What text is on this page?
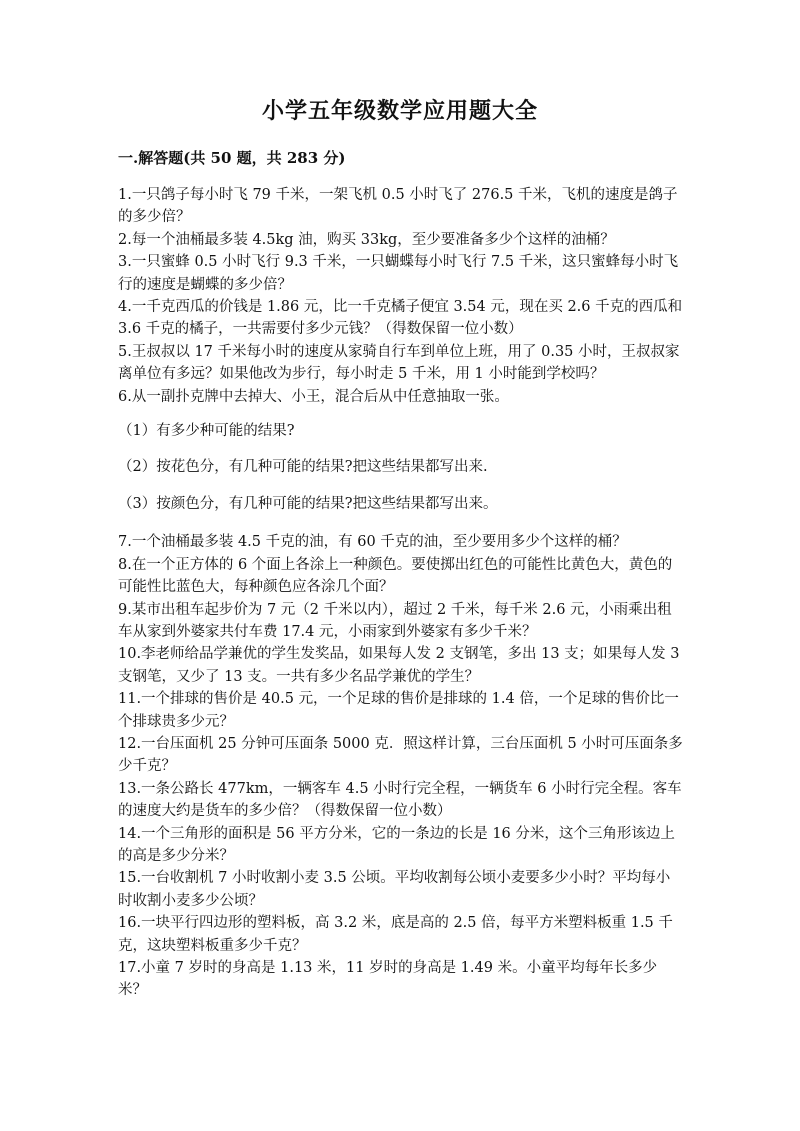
小学五年级数学应用题大全
一.解答题(共 50 题，共 283 分)

1.一只鸽子每小时飞 79 千米，一架飞机 0.5 小时飞了 276.5 千米，飞机的速度是鸽子的多少倍？

2.每一个油桶最多装 4.5kg 油，购买 33kg，至少要准备多少个这样的油桶？

3.一只蜜蜂 0.5 小时飞行 9.3 千米，一只蝴蝶每小时飞行 7.5 千米，这只蜜蜂每小时飞行的速度是蝴蝶的多少倍？

4.一千克西瓜的价钱是 1.86 元，比一千克橘子便宜 3.54 元，现在买 2.6 千克的西瓜和 3.6 千克的橘子，一共需要付多少元钱？（得数保留一位小数）

5.王叔叔以 17 千米每小时的速度从家骑自行车到单位上班，用了 0.35 小时，王叔叔家离单位有多远？如果他改为步行，每小时走 5 千米，用 1 小时能到学校吗？

6.从一副扑克牌中去掉大、小王，混合后从中任意抽取一张。

（1）有多少种可能的结果?

（2）按花色分，有几种可能的结果?把这些结果都写出来.

（3）按颜色分，有几种可能的结果?把这些结果都写出来。

7.一个油桶最多装 4.5 千克的油，有 60 千克的油，至少要用多少个这样的桶？

8.在一个正方体的 6 个面上各涂上一种颜色。要使掷出红色的可能性比黄色大，黄色的可能性比蓝色大，每种颜色应各涂几个面？

9.某市出租车起步价为 7 元（2 千米以内），超过 2 千米，每千米 2.6 元，小雨乘出租车从家到外婆家共付车费 17.4 元，小雨家到外婆家有多少千米？

10.李老师给品学兼优的学生发奖品，如果每人发 2 支钢笔，多出 13 支；如果每人发 3 支钢笔，又少了 13 支。一共有多少名品学兼优的学生？

11.一个排球的售价是 40.5 元，一个足球的售价是排球的 1.4 倍，一个足球的售价比一个排球贵多少元？

12.一台压面机 25 分钟可压面条 5000 克．照这样计算，三台压面机 5 小时可压面条多少千克？

13.一条公路长 477km，一辆客车 4.5 小时行完全程，一辆货车 6 小时行完全程。客车的速度大约是货车的多少倍？（得数保留一位小数）

14.一个三角形的面积是 56 平方分米，它的一条边的长是 16 分米，这个三角形该边上的高是多少分米？

15.一台收割机 7 小时收割小麦 3.5 公顷。平均收割每公顷小麦要多少小时？平均每小时收割小麦多少公顷？

16.一块平行四边形的塑料板，高 3.2 米，底是高的 2.5 倍，每平方米塑料板重 1.5 千克，这块塑料板重多少千克？

17.小童 7 岁时的身高是 1.13 米，11 岁时的身高是 1.49 米。小童平均每年长多少米？
